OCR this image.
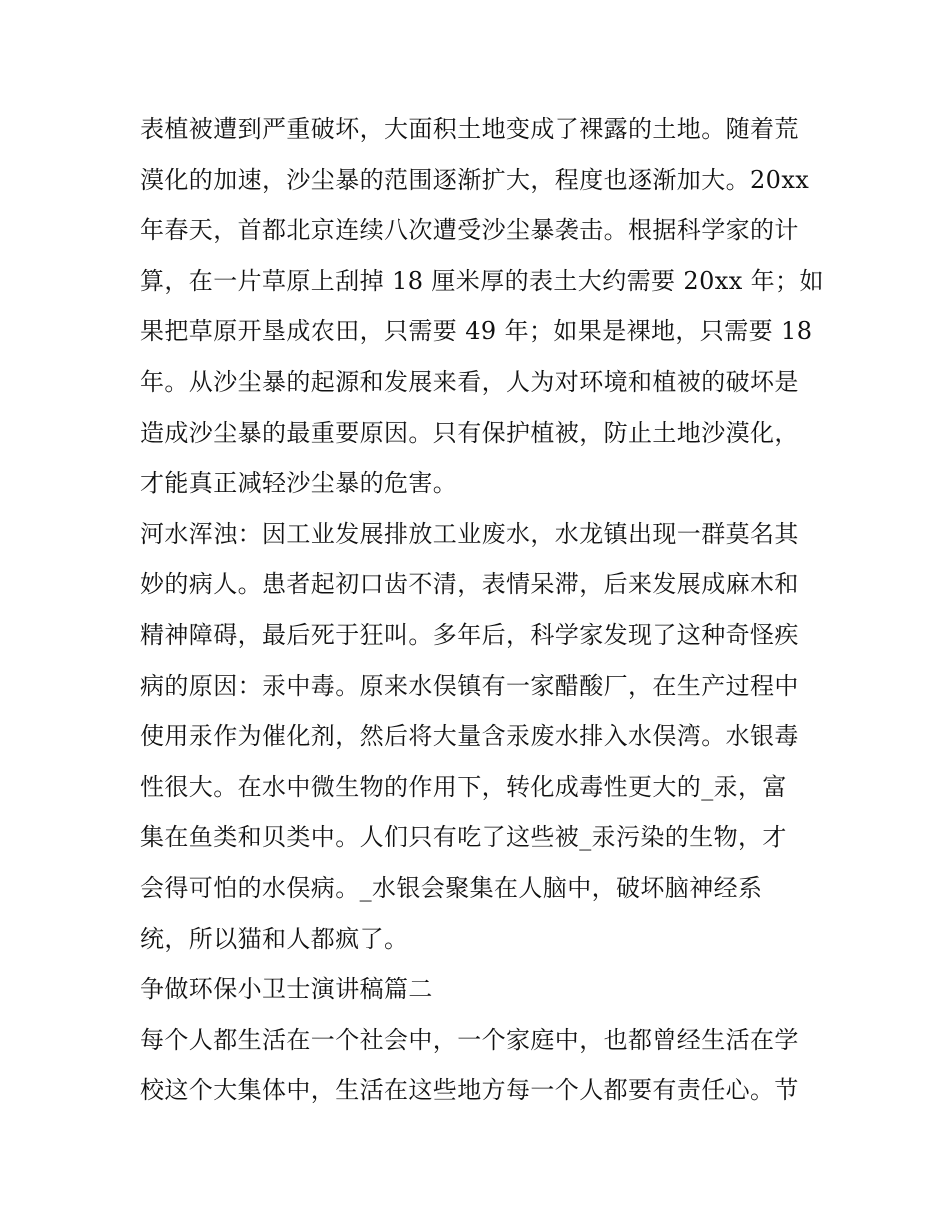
表植被遭到严重破坏，大面积土地变成了裸露的土地。随着荒
漠化的加速，沙尘暴的范围逐渐扩大，程度也逐渐加大。20xx
年春天，首都北京连续八次遭受沙尘暴袭击。根据科学家的计
算，在一片草原上刮掉 18 厘米厚的表土大约需要 20xx 年；如
果把草原开垦成农田，只需要 49 年；如果是裸地，只需要 18
年。从沙尘暴的起源和发展来看，人为对环境和植被的破坏是
造成沙尘暴的最重要原因。只有保护植被，防止土地沙漠化，
才能真正减轻沙尘暴的危害。
河水浑浊：因工业发展排放工业废水，水龙镇出现一群莫名其
妙的病人。患者起初口齿不清，表情呆滞，后来发展成麻木和
精神障碍，最后死于狂叫。多年后，科学家发现了这种奇怪疾
病的原因：汞中毒。原来水俣镇有一家醋酸厂，在生产过程中
使用汞作为催化剂，然后将大量含汞废水排入水俣湾。水银毒
性很大。在水中微生物的作用下，转化成毒性更大的_汞，富
集在鱼类和贝类中。人们只有吃了这些被_汞污染的生物，才
会得可怕的水俣病。_水银会聚集在人脑中，破坏脑神经系
统，所以猫和人都疯了。
争做环保小卫士演讲稿篇二
每个人都生活在一个社会中，一个家庭中，也都曾经生活在学
校这个大集体中，生活在这些地方每一个人都要有责任心。节
